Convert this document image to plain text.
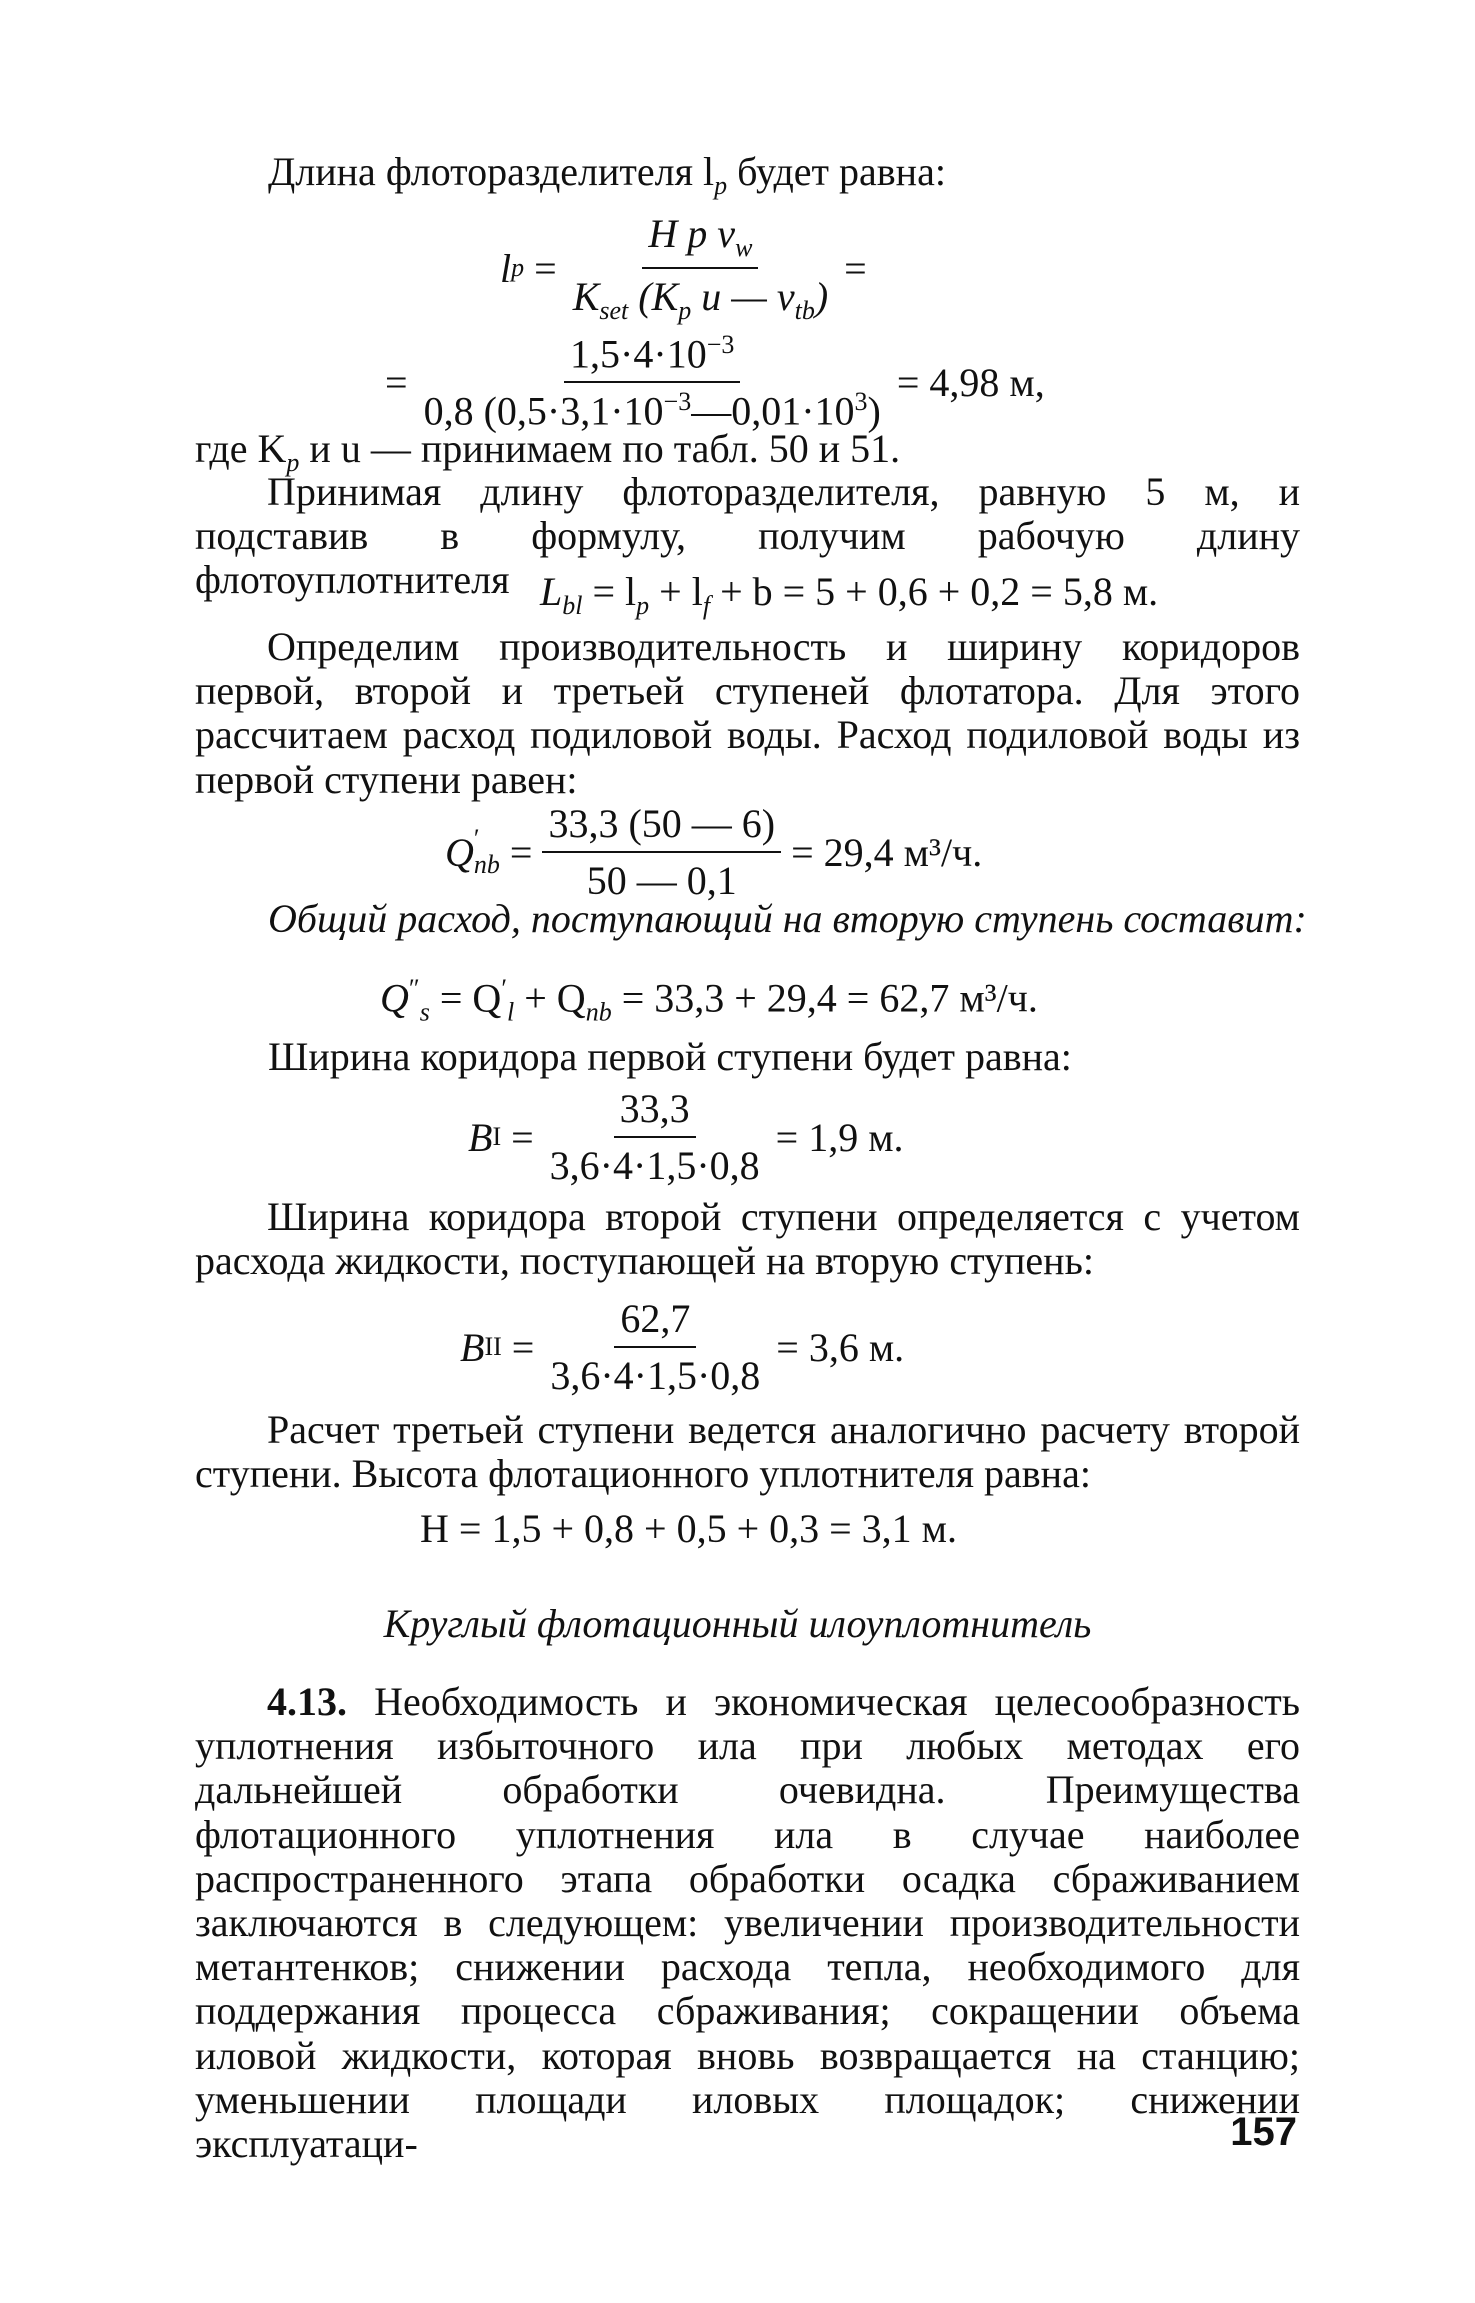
Длина флоторазделителя $l_р$ будет равна:
l $p = \frac{H p \nu_w}{K_{set} (K_p u — \nu_{tb})}$ =
= $\frac{1,5\cdot 4\cdot 10^{-3}}{0,8 (0,5\cdot 3,1\cdot 10^{-3}—0,01\cdot 10^3)} = 4,98$ м,
где $K_р$ и u — принимаем по табл. 50 и 51.
Принимая длину флоторазделителя, равную 5 м, и подставив в формулу, получим рабочую длину флотоуплотнителя $L_{bl} = l_p + l_f + b = 5 + 0,6 + 0,2 = 5,8$ м.
Определим производительность и ширину коридоров первой, второй и третьей ступеней флотатора. Для этого рассчитаем расход подиловой воды. Расход подиловой воды из первой ступени равен:
Q ′
nb = $\frac{33,3 (50 — 6)}{50 — 0,1} = 29,4$ м³/ч.
Общий расход, поступающий на вторую ступень составит:
$Q''_s = Q'_l + Q_{nb} = 33,3 + 29,4 = 62,7$ м³/ч.
Ширина коридора первой ступени будет равна:
B $I = \frac{33,3}{3,6\cdot 4\cdot 1,5\cdot 0,8} = 1,9$ м.
Ширина коридора второй ступени определяется с учетом расхода жидкости, поступающей на вторую ступень:
B II = $\frac{62,7}{3,6\cdot 4\cdot 1,5\cdot 0,8} = 3,6$ м.
Расчет третьей ступени ведется аналогично расчету второй ступени. Высота флотационного уплотнителя равна:
H = 1,5 + 0,8 + 0,5 + 0,3 = 3,1 м.
Круглый флотационный илоуплотнитель
4.13. Необходимость и экономическая целесообразность уплотнения избыточного ила при любых методах его дальнейшей обработки очевидна. Преимущества флотационного уплотнения ила в случае наиболее распространенного этапа обработки осадка сбраживанием заключаются в следующем: увеличении производительности метантенков; снижении расхода тепла, необходимого для поддержания процесса сбраживания; сокращении объема иловой жидкости, которая вновь возвращается на станцию; уменьшении площади иловых площадок; снижении эксплуатаци-	157
